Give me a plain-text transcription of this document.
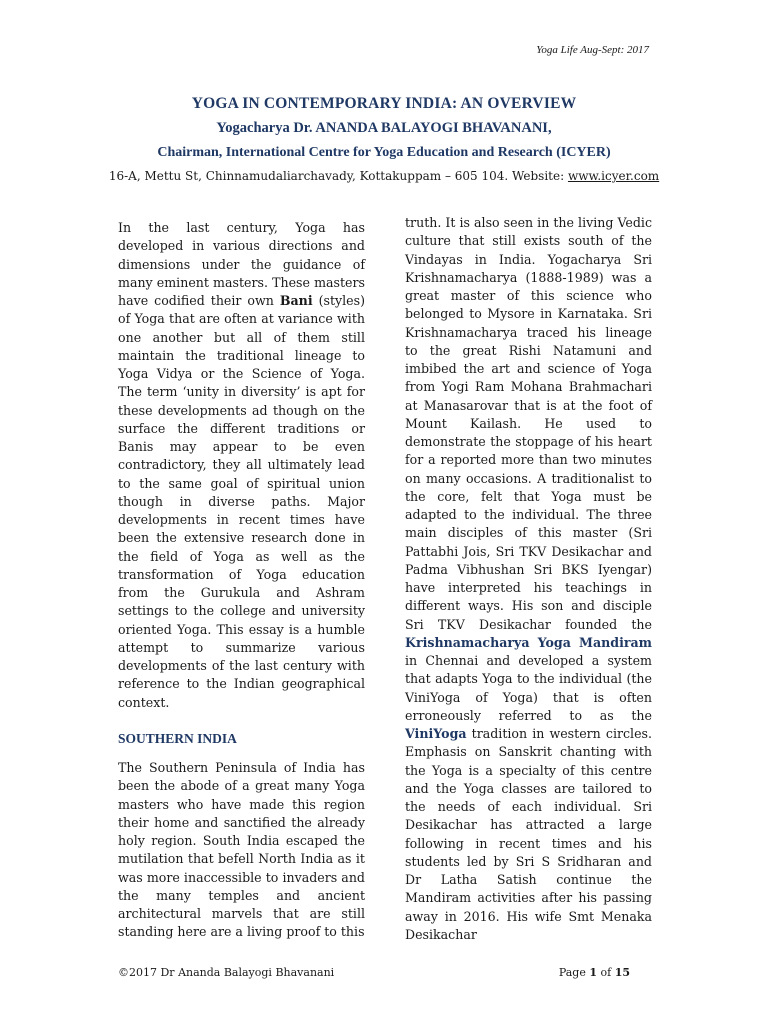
Yoga Life Aug-Sept: 2017
YOGA IN CONTEMPORARY INDIA: AN OVERVIEW
Yogacharya Dr. ANANDA BALAYOGI BHAVANANI,
Chairman, International Centre for Yoga Education and Research (ICYER)
16-A, Mettu St, Chinnamudaliarchavady, Kottakuppam – 605 104. Website: www.icyer.com

In the last century, Yoga has developed in various directions and dimensions under the guidance of many eminent masters. These masters have codified their own Bani (styles) of Yoga that are often at variance with one another but all of them still maintain the traditional lineage to Yoga Vidya or the Science of Yoga. The term ‘unity in diversity’ is apt for these developments ad though on the surface the different traditions or Banis may appear to be even contradictory, they all ultimately lead to the same goal of spiritual union though in diverse paths. Major developments in recent times have been the extensive research done in the field of Yoga as well as the transformation of Yoga education from the Gurukula and Ashram settings to the college and university oriented Yoga. This essay is a humble attempt to summarize various developments of the last century with reference to the Indian geographical context.

SOUTHERN INDIA

The Southern Peninsula of India has been the abode of a great many Yoga masters who have made this region their home and sanctified the already holy region. South India escaped the mutilation that befell North India as it was more inaccessible to invaders and the many temples and ancient architectural marvels that are still standing here are a living proof to this

truth. It is also seen in the living Vedic culture that still exists south of the Vindayas in India. Yogacharya Sri Krishnamacharya (1888-1989) was a great master of this science who belonged to Mysore in Karnataka. Sri Krishnamacharya traced his lineage to the great Rishi Natamuni and imbibed the art and science of Yoga from Yogi Ram Mohana Brahmachari at Manasarovar that is at the foot of Mount Kailash. He used to demonstrate the stoppage of his heart for a reported more than two minutes on many occasions. A traditionalist to the core, felt that Yoga must be adapted to the individual. The three main disciples of this master (Sri Pattabhi Jois, Sri TKV Desikachar and Padma Vibhushan Sri BKS Iyengar) have interpreted his teachings in different ways. His son and disciple Sri TKV Desikachar founded the Krishnamacharya Yoga Mandiram in Chennai and developed a system that adapts Yoga to the individual (the ViniYoga of Yoga) that is often erroneously referred to as the ViniYoga tradition in western circles. Emphasis on Sanskrit chanting with the Yoga is a specialty of this centre and the Yoga classes are tailored to the needs of each individual. Sri Desikachar has attracted a large following in recent times and his students led by Sri S Sridharan and Dr Latha Satish continue the Mandiram activities after his passing away in 2016. His wife Smt Menaka Desikachar

©2017 Dr Ananda Balayogi Bhavanani	Page 1 of 15
